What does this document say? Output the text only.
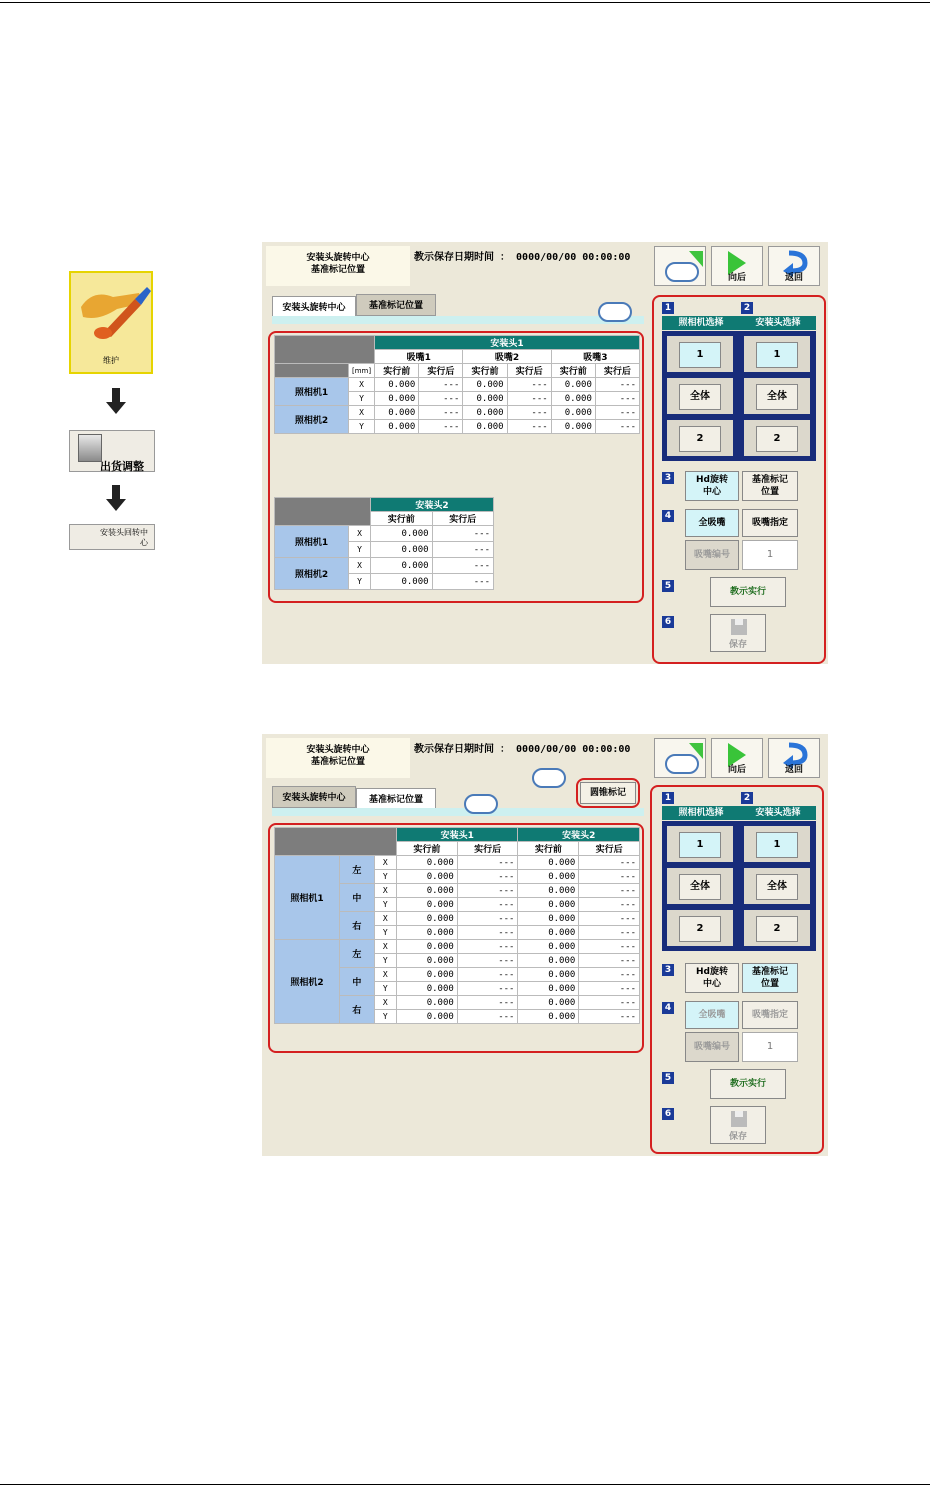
维护
出货调整
安装头回转中心
安装头旋转中心
基准标记位置
教示保存日期时间 ： 0000/00/00 00:00:00
向后	返回
安装头旋转中心	基准标记位置
		安装头1					
		吸嘴1		吸嘴2		吸嘴3	
	[mm]	实行前	实行后	实行前	实行后	实行前	实行后
照相机1	X	0.000	---	0.000	---	0.000	---
	Y	0.000	---	0.000	---	0.000	---
照相机2	X	0.000	---	0.000	---	0.000	---
	Y	0.000	---	0.000	---	0.000	---
		安装头2	
		实行前	实行后
照相机1	X	0.000	---
	Y	0.000	---
照相机2	X	0.000	---
	Y	0.000	---
1	2
照相机选择	安装头选择
1
全体
2
1
全体
2
3	Hd旋转
中心
基准标记
位置
4
全吸嘴	吸嘴指定
吸嘴编号	1
5
教示实行
6
保存
安装头旋转中心
基准标记位置
教示保存日期时间 ： 0000/00/00 00:00:00
向后	返回
安装头旋转中心	基准标记位置
圆锥标记
			安装头1		安装头2	
			实行前	实行后	实行前	实行后
照相机1	左	X	0.000	---	0.000	---
		Y	0.000	---	0.000	---
	中	X	0.000	---	0.000	---
		Y	0.000	---	0.000	---
	右	X	0.000	---	0.000	---
		Y	0.000	---	0.000	---
照相机2	左	X	0.000	---	0.000	---
		Y	0.000	---	0.000	---
	中	X	0.000	---	0.000	---
		Y	0.000	---	0.000	---
	右	X	0.000	---	0.000	---
		Y	0.000	---	0.000	---
1	2
照相机选择	安装头选择
1
全体
2
1
全体
2
3	Hd旋转
中心
基准标记
位置
4
全吸嘴	吸嘴指定
吸嘴编号	1
5
教示实行
6
保存
